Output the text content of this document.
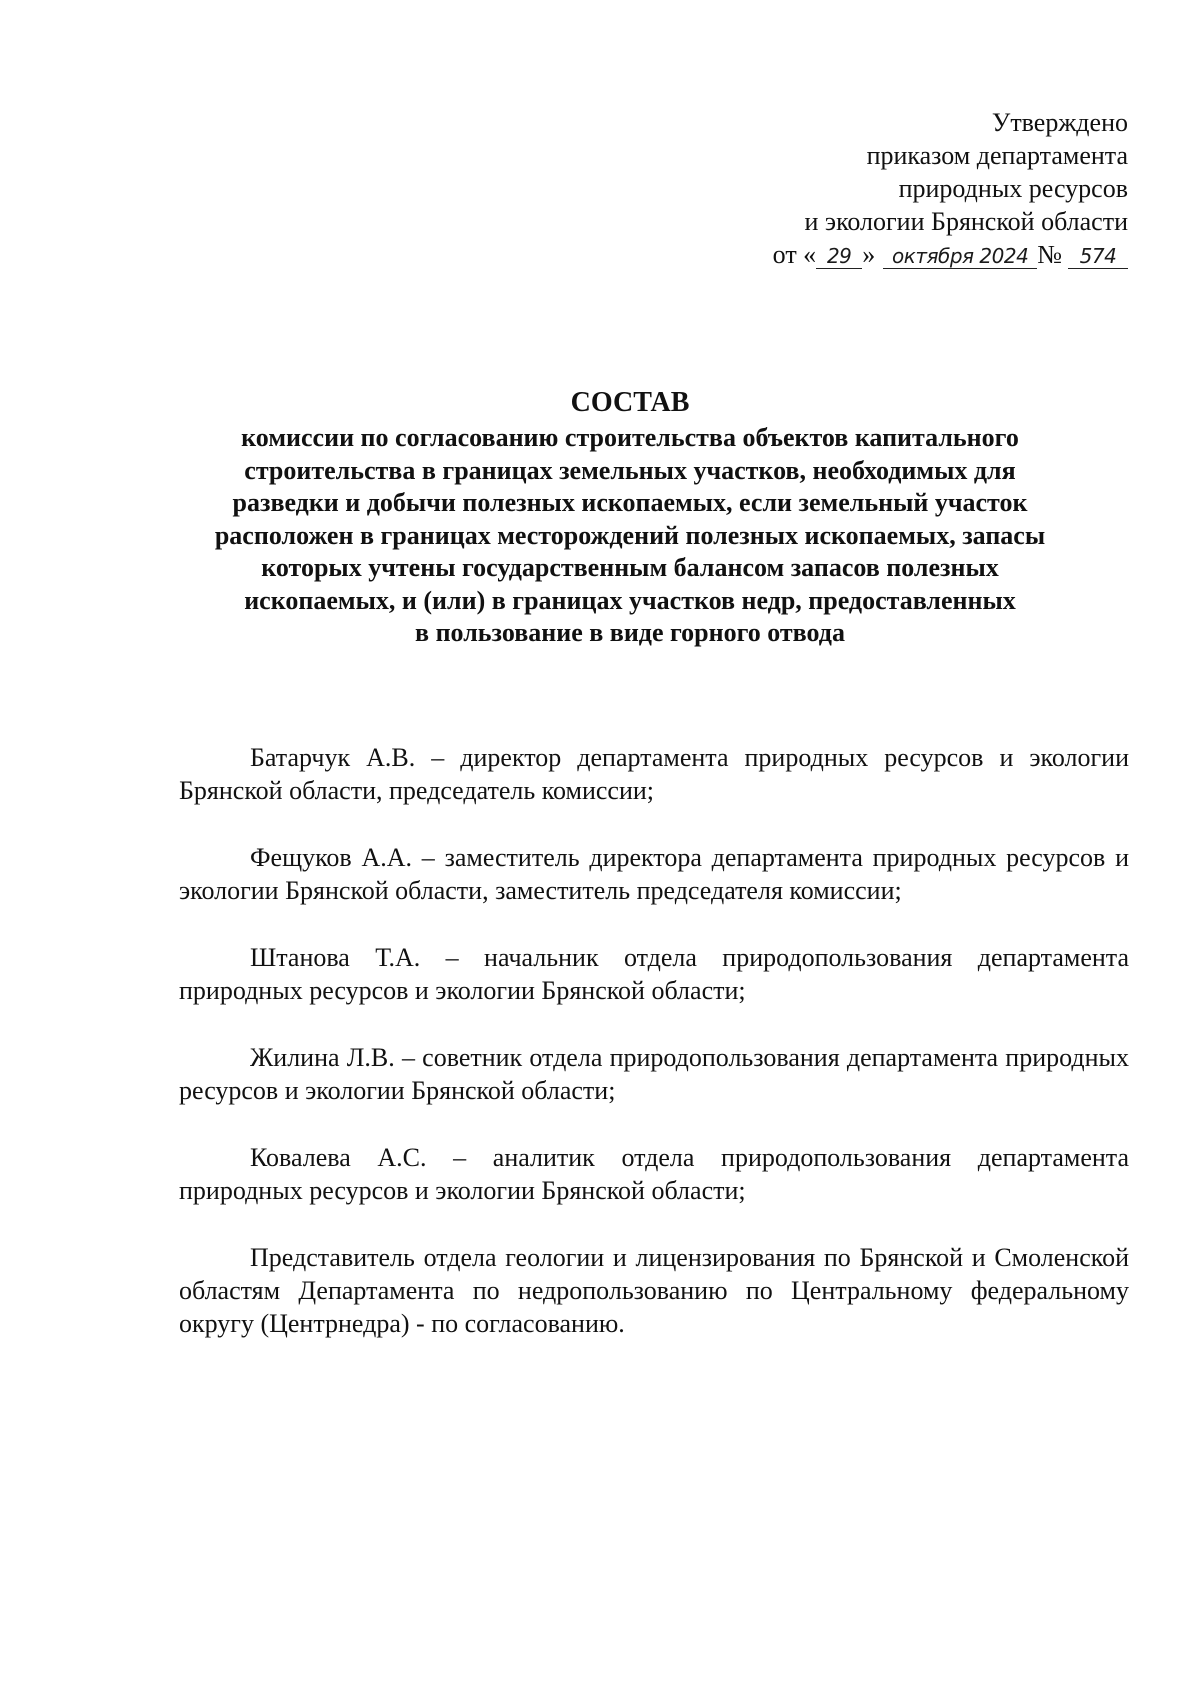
Утверждено
приказом департамента
природных ресурсов
и экологии Брянской области
от « 29 » октября 2024 № 574
СОСТАВ
комиссии по согласованию строительства объектов капитального
строительства в границах земельных участков, необходимых для
разведки и добычи полезных ископаемых, если земельный участок
расположен в границах месторождений полезных ископаемых, запасы
которых учтены государственным балансом запасов полезных
ископаемых, и (или) в границах участков недр, предоставленных
в пользование в виде горного отвода

Батарчук А.В. – директор департамента природных ресурсов и экологии Брянской области, председатель комиссии;

Фещуков А.А. – заместитель директора департамента природных ресурсов и экологии Брянской области, заместитель председателя комиссии;

Штанова Т.А. – начальник отдела природопользования департамента природных ресурсов и экологии Брянской области;

Жилина Л.В. – советник отдела природопользования департамента природных ресурсов и экологии Брянской области;

Ковалева А.С. – аналитик отдела природопользования департамента природных ресурсов и экологии Брянской области;

Представитель отдела геологии и лицензирования по Брянской и Смоленской областям Департамента по недропользованию по Центральному федеральному округу (Центрнедра) - по согласованию.
